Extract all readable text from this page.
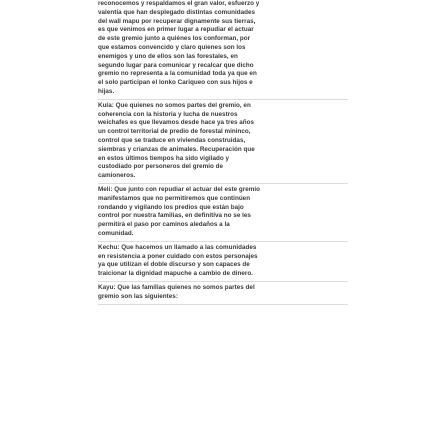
reconocemos y respaldamos el gran valor, esfuerzo y
valentía que han desplegado distintas comunidades
del wall mapu por recuperar dignamente sus tierras,
es que venimos en primer lugar a repudiar el actuar
de este gremio junto a quiénes los conforman, por
que estamos convencido y claro quienes son los
enemigos y uno de ellos son las forestales, en
segundo lugar para comunicar y recalcar que dicho
gremio no representa a la comunidad toda ya que en
el solo participan el lonko Cariqueo con sus hijos e
hijas.
Kula: Que quienes no somos partes del gremio, en
coherencia con la historia y lucha de nuestros
weichafes es que llevamos desde hace ya tres años
un control territorial de predio de forestal mininco,
control que se traduce en viviendas construidas,
siembras y crianzas de animales. Recuperación que
en estos últimos tiempos ha sido vigilado y
custodiado por personeros del gremio de
camioneros.
Meli: Que junto con repudiar el actuar del este gremio
manifestamos que no permitiremos que continúen
rondando y vigilando los predios que están bajo
control por nuestra familias, en definitiva no se les
permitirá el paso por caminos aledaños a la
comunidad.
Kechu: Que hacemos un llamado a las comunidades
en resistencia a poner cuidado con estos personajes
ya que utilizan el doble discurso y son capaces de
traicionar la dignidad mapuche a cambio de dinero.
Kayu: Que las familias quienes no somos partes del
gremio son las siguientes:
